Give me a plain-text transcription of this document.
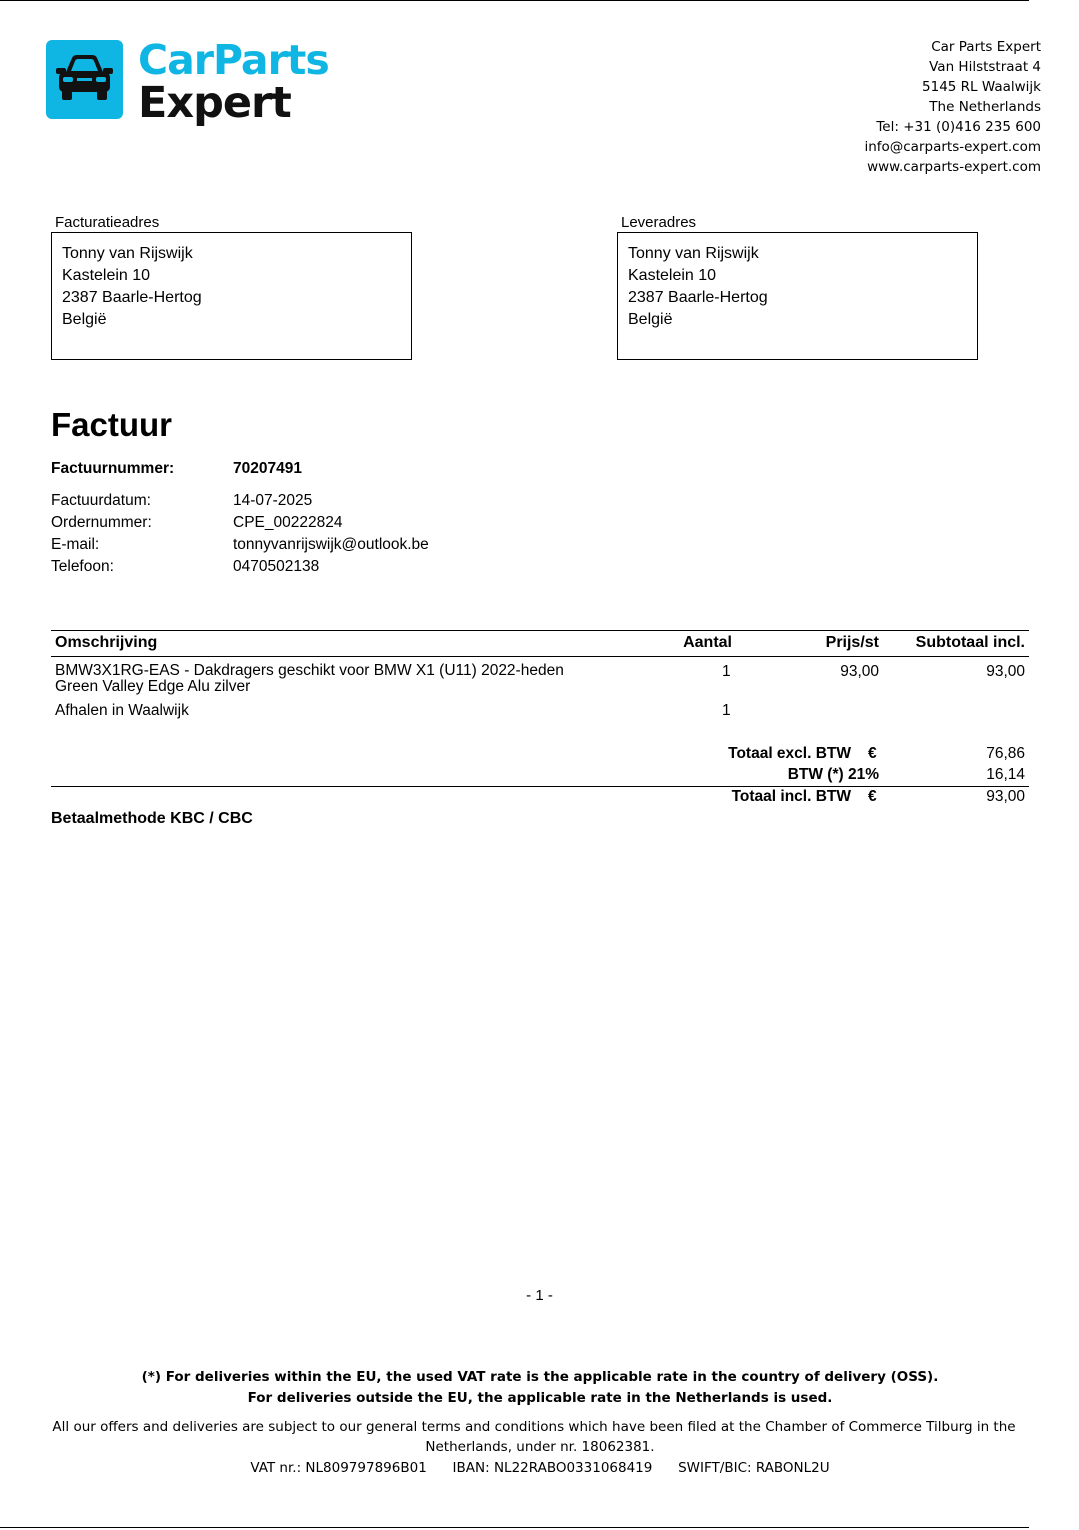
CarParts
Expert
Car Parts Expert
Van Hilststraat 4
5145 RL Waalwijk
The Netherlands
Tel: +31 (0)416 235 600
info@carparts-expert.com
www.carparts-expert.com
Facturatieadres
Tonny van Rijswijk
Kastelein 10
2387 Baarle-Hertog
België
Leveradres
Tonny van Rijswijk
Kastelein 10
2387 Baarle-Hertog
België
Factuur
Factuurnummer:	70207491
Factuurdatum:	14-07-2025
Ordernummer:	CPE_00222824
E-mail:	tonnyvanrijswijk@outlook.be
Telefoon:	0470502138
Omschrijving	Aantal	Prijs/st	Subtotaal incl.
BMW3X1RG-EAS - Dakdragers geschikt voor BMW X1 (U11) 2022-heden
Green Valley Edge Alu zilver
1	93,00	93,00
Afhalen in Waalwijk	1
Totaal excl. BTW €	76,86
BTW (*) 21%	16,14
Totaal incl. BTW €	93,00
Betaalmethode KBC / CBC
- 1 -
(*) For deliveries within the EU, the used VAT rate is the applicable rate in the country of delivery (OSS).
For deliveries outside the EU, the applicable rate in the Netherlands is used.
All our offers and deliveries are subject to our general terms and conditions which have been filed at the Chamber of Commerce Tilburg in the
Netherlands, under nr. 18062381.
VAT nr.: NL809797896B01      IBAN: NL22RABO0331068419      SWIFT/BIC: RABONL2U
